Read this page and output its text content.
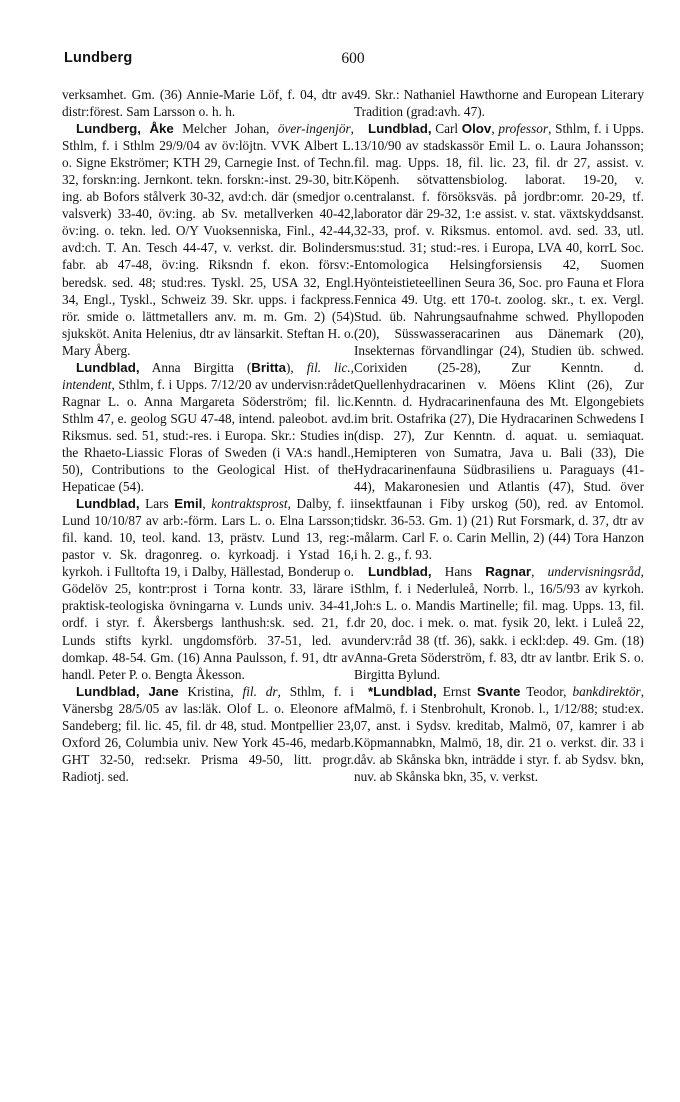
Lundberg	600

verksamhet. Gm. (36) Annie-Marie Löf, f. 04, dtr av distr:förest. Sam Larsson o. h. h.

Lundberg, Åke Melcher Johan, över-ingenjör, Sthlm, f. i Sthlm 29/9/04 av öv:löjtn. VVK Albert L. o. Signe Ekströmer; KTH 29, Carnegie Inst. of Techn. 32, forskn:ing. Jernkont. tekn. forskn:-inst. 29-30, bitr. ing. ab Bofors stålverk 30-32, avd:ch. där (smedjor o. valsverk) 33-40, öv:ing. ab Sv. metallverken 40-42, öv:ing. o. tekn. led. O/Y Vuoksenniska, Finl., 42-44, avd:ch. T. An. Tesch 44-47, v. verkst. dir. Bolinders fabr. ab 47-48, öv:ing. Riksndn f. ekon. försv:-beredsk. sed. 48; stud:res. Tyskl. 25, USA 32, Engl. 34, Engl., Tyskl., Schweiz 39. Skr. upps. i fackpress. rör. smide o. lättmetallers anv. m. m. Gm. 2) (54) sjuksköt. Anita Helenius, dtr av länsarkit. Steftan H. o. Mary Åberg.

Lundblad, Anna Birgitta (Britta), fil. lic., intendent, Sthlm, f. i Upps. 7/12/20 av undervisn:rådet Ragnar L. o. Anna Margareta Söderström; fil. lic. Sthlm 47, e. geolog SGU 47-48, intend. paleobot. avd. Riksmus. sed. 51, stud:-res. i Europa. Skr.: Studies in the Rhaeto-Liassic Floras of Sweden (i VA:s handl., 50), Contributions to the Geological Hist. of the Hepaticae (54).

Lundblad, Lars Emil, kontraktsprost, Dalby, f. i Lund 10/10/87 av arb:-förm. Lars L. o. Elna Larsson; fil. kand. 10, teol. kand. 13, prästv. Lund 13, reg:-pastor v. Sk. dragonreg. o. kyrkoadj. i Ystad 16, kyrkoh. i Fulltofta 19, i Dalby, Hällestad, Bonderup o. Gödelöv 25, kontr:prost i Torna kontr. 33, lärare i praktisk-teologiska övningarna v. Lunds univ. 34-41, ordf. i styr. f. Åkersbergs lanthush:sk. sed. 21, f. Lunds stifts kyrkl. ungdomsförb. 37-51, led. av domkap. 48-54. Gm. (16) Anna Paulsson, f. 91, dtr av handl. Peter P. o. Bengta Åkesson.

Lundblad, Jane Kristina, fil. dr, Sthlm, f. i Vänersbg 28/5/05 av las:läk. Olof L. o. Eleonore af Sandeberg; fil. lic. 45, fil. dr 48, stud. Montpellier 23, Oxford 26, Columbia univ. New York 45-46, medarb. GHT 32-50, red:sekr. Prisma 49-50, litt. progr. Radiotj. sed.

49. Skr.: Nathaniel Hawthorne and European Literary Tradition (grad:avh. 47).

Lundblad, Carl Olov, professor, Sthlm, f. i Upps. 13/10/90 av stadskassör Emil L. o. Laura Johansson; fil. mag. Upps. 18, fil. lic. 23, fil. dr 27, assist. v. Köpenh. sötvattensbiolog. laborat. 19-20, v. centralanst. f. försöksväs. på jordbr:omr. 20-29, tf. laborator där 29-32, 1:e assist. v. stat. växtskyddsanst. 32-33, prof. v. Riksmus. entomol. avd. sed. 33, utl. mus:stud. 31; stud:-res. i Europa, LVA 40, korrL Soc. Entomologica Helsingforsiensis 42, Suomen Hyönteistieteellinen Seura 36, Soc. pro Fauna et Flora Fennica 49. Utg. ett 170-t. zoolog. skr., t. ex. Vergl. Stud. üb. Nahrungsaufnahme schwed. Phyllopoden (20), Süsswasseracarinen aus Dänemark (20), Insekternas förvandlingar (24), Studien üb. schwed. Corixiden (25-28), Zur Kenntn. d. Quellenhydracarinen v. Möens Klint (26), Zur Kenntn. d. Hydracarinenfauna des Mt. Elgongebiets im brit. Ostafrika (27), Die Hydracarinen Schwedens I (disp. 27), Zur Kenntn. d. aquat. u. semiaquat. Hemipteren von Sumatra, Java u. Bali (33), Die Hydracarinenfauna Südbrasiliens u. Paraguays (41-44), Makaronesien und Atlantis (47), Stud. över insektfaunan i Fiby urskog (50), red. av Entomol. tidskr. 36-53. Gm. 1) (21) Rut Forsmark, d. 37, dtr av målarm. Carl F. o. Carin Mellin, 2) (44) Tora Hanzon i h. 2. g., f. 93.

Lundblad, Hans Ragnar, undervisningsråd, Sthlm, f. i Nederluleå, Norrb. l., 16/5/93 av kyrkoh. Joh:s L. o. Mandis Martinelle; fil. mag. Upps. 13, fil. dr 20, doc. i mek. o. mat. fysik 20, lekt. i Luleå 22, underv:råd 38 (tf. 36), sakk. i eckl:dep. 49. Gm. (18) Anna-Greta Söderström, f. 83, dtr av lantbr. Erik S. o. Birgitta Bylund.

*Lundblad, Ernst Svante Teodor, bankdirektör, Malmö, f. i Stenbrohult, Kronob. l., 1/12/88; stud:ex. 07, anst. i Sydsv. kreditab, Malmö, 07, kamrer i ab Köpmannabkn, Malmö, 18, dir. 21 o. verkst. dir. 33 i dåv. ab Skånska bkn, inträdde i styr. f. ab Sydsv. bkn, nuv. ab Skånska bkn, 35, v. verkst.
